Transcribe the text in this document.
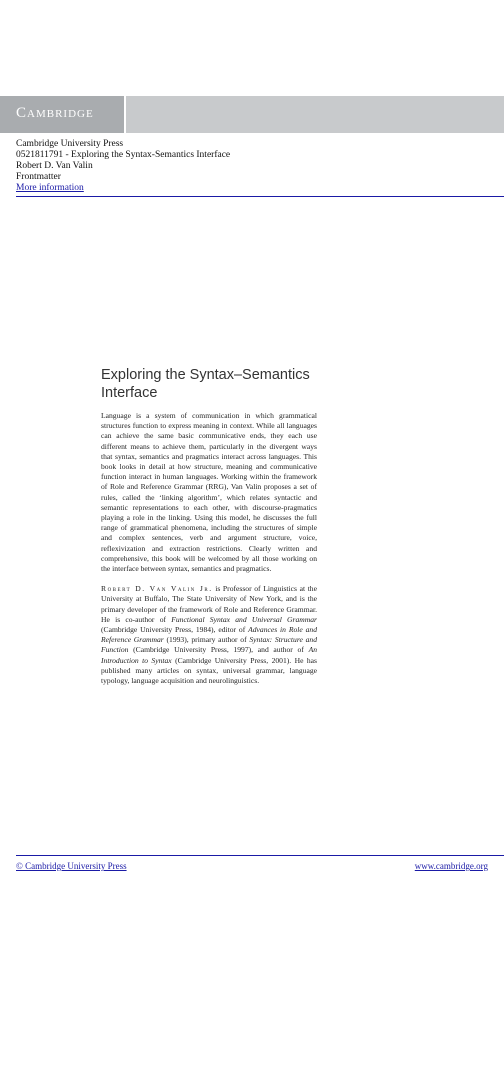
Cambridge
Cambridge University Press
0521811791 - Exploring the Syntax-Semantics Interface
Robert D. Van Valin
Frontmatter
More information
Exploring the Syntax–Semantics
Interface

Language is a system of communication in which grammatical structures function to express meaning in context. While all languages can achieve the same basic communicative ends, they each use different means to achieve them, particularly in the divergent ways that syntax, semantics and pragmatics interact across languages. This book looks in detail at how structure, meaning and communicative function interact in human languages. Working within the framework of Role and Reference Grammar (RRG), Van Valin proposes a set of rules, called the ‘linking algorithm’, which relates syntactic and semantic representations to each other, with discourse-pragmatics playing a role in the linking. Using this model, he discusses the full range of grammatical phenomena, including the structures of simple and complex sentences, verb and argument structure, voice, reflexivization and extraction restrictions. Clearly written and comprehensive, this book will be welcomed by all those working on the interface between syntax, semantics and pragmatics.

Robert D. Van Valin Jr. is Professor of Linguistics at the University at Buffalo, The State University of New York, and is the primary developer of the framework of Role and Reference Grammar. He is co-author of Functional Syntax and Universal Grammar (Cambridge University Press, 1984), editor of Advances in Role and Reference Grammar (1993), primary author of Syntax: Structure and Function (Cambridge University Press, 1997), and author of An Introduction to Syntax (Cambridge University Press, 2001). He has published many articles on syntax, universal grammar, language typology, language acquisition and neurolinguistics.

© Cambridge University Press	www.cambridge.org
